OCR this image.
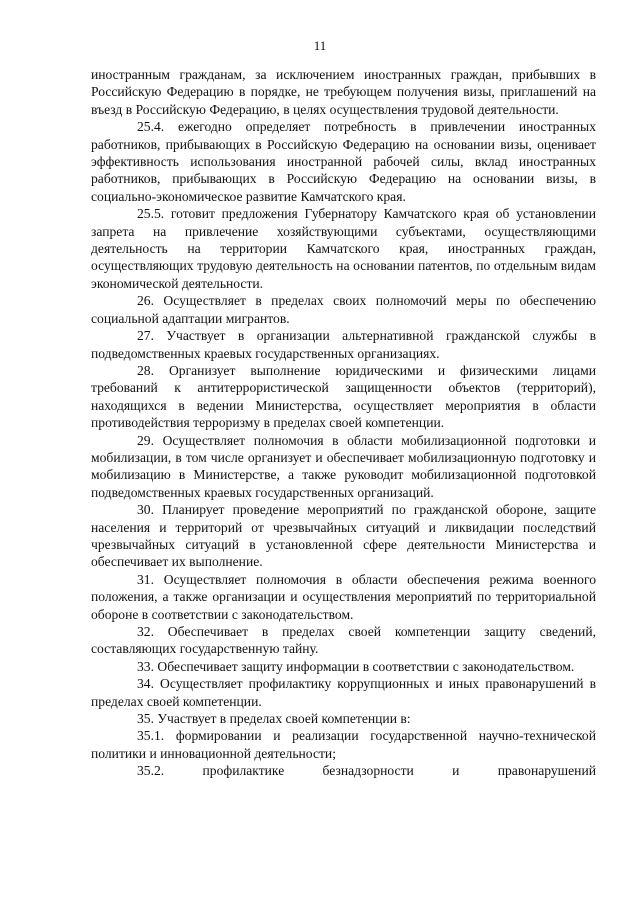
11

иностранным гражданам, за исключением иностранных граждан, прибывших в Российскую Федерацию в порядке, не требующем получения визы, приглашений на въезд в Российскую Федерацию, в целях осуществления трудовой деятельности.

25.4. ежегодно определяет потребность в привлечении иностранных работников, прибывающих в Российскую Федерацию на основании визы, оценивает эффективность использования иностранной рабочей силы, вклад иностранных работников, прибывающих в Российскую Федерацию на основании визы, в социально-экономическое развитие Камчатского края.

25.5. готовит предложения Губернатору Камчатского края об установлении запрета на привлечение хозяйствующими субъектами, осуществляющими деятельность на территории Камчатского края, иностранных граждан, осуществляющих трудовую деятельность на основании патентов, по отдельным видам экономической деятельности.

26. Осуществляет в пределах своих полномочий меры по обеспечению социальной адаптации мигрантов.

27. Участвует в организации альтернативной гражданской службы в подведомственных краевых государственных организациях.

28. Организует выполнение юридическими и физическими лицами требований к антитеррористической защищенности объектов (территорий), находящихся в ведении Министерства, осуществляет мероприятия в области противодействия терроризму в пределах своей компетенции.

29. Осуществляет полномочия в области мобилизационной подготовки и мобилизации, в том числе организует и обеспечивает мобилизационную подготовку и мобилизацию в Министерстве, а также руководит мобилизационной подготовкой подведомственных краевых государственных организаций.

30. Планирует проведение мероприятий по гражданской обороне, защите населения и территорий от чрезвычайных ситуаций и ликвидации последствий чрезвычайных ситуаций в установленной сфере деятельности Министерства и обеспечивает их выполнение.

31. Осуществляет полномочия в области обеспечения режима военного положения, а также организации и осуществления мероприятий по территориальной обороне в соответствии с законодательством.

32. Обеспечивает в пределах своей компетенции защиту сведений, составляющих государственную тайну.

33. Обеспечивает защиту информации в соответствии с законодательством.

34. Осуществляет профилактику коррупционных и иных правонарушений в пределах своей компетенции.

35. Участвует в пределах своей компетенции в:

35.1. формировании и реализации государственной научно-технической политики и инновационной деятельности;

35.2. профилактике безнадзорности и правонарушений
